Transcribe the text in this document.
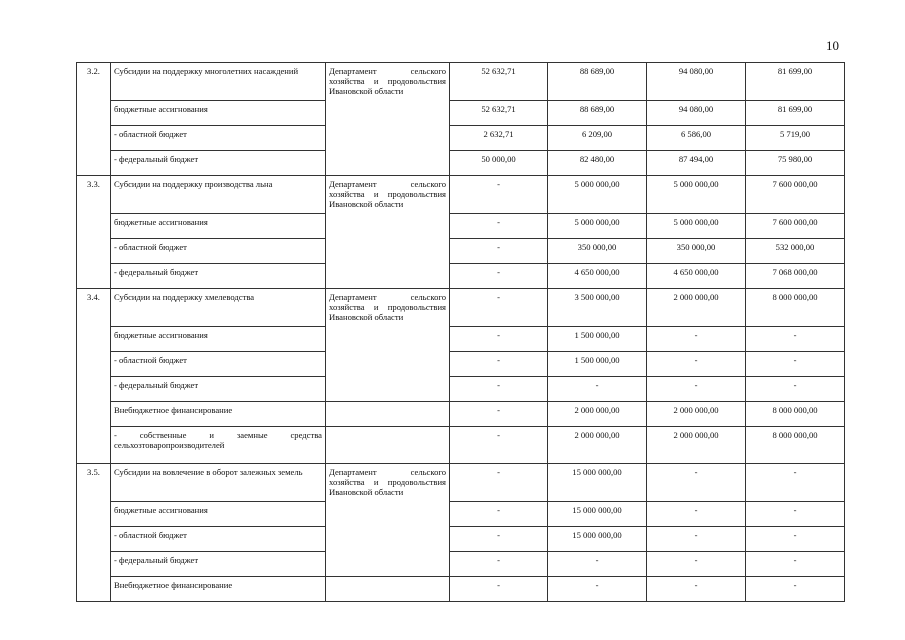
10
3.2.	Субсидии на поддержку многолетних насаждений	Департамент сельского хозяйства и продовольствия Ивановской области	52 632,71	88 689,00	94 080,00	81 699,00
	бюджетные ассигнования		52 632,71	88 689,00	94 080,00	81 699,00
	- областной бюджет		2 632,71	6 209,00	6 586,00	5 719,00
	- федеральный бюджет		50 000,00	82 480,00	87 494,00	75 980,00
3.3.	Субсидии на поддержку производства льна	Департамент сельского хозяйства и продовольствия Ивановской области	-	5 000 000,00	5 000 000,00	7 600 000,00
	бюджетные ассигнования		-	5 000 000,00	5 000 000,00	7 600 000,00
	- областной бюджет		-	350 000,00	350 000,00	532 000,00
	- федеральный бюджет		-	4 650 000,00	4 650 000,00	7 068 000,00
3.4.	Субсидии на поддержку хмелеводства	Департамент сельского хозяйства и продовольствия Ивановской области	-	3 500 000,00	2 000 000,00	8 000 000,00
	бюджетные ассигнования		-	1 500 000,00	-	-
	- областной бюджет		-	1 500 000,00	-	-
	- федеральный бюджет		-	-	-	-
	Внебюджетное финансирование		-	2 000 000,00	2 000 000,00	8 000 000,00
	- собственные и заемные средства сельхозтоваропроизводителей		-	2 000 000,00	2 000 000,00	8 000 000,00
3.5.	Субсидии на вовлечение в оборот залежных земель	Департамент сельского хозяйства и продовольствия Ивановской области	-	15 000 000,00	-	-
	бюджетные ассигнования		-	15 000 000,00	-	-
	- областной бюджет		-	15 000 000,00	-	-
	- федеральный бюджет		-	-	-	-
	Внебюджетное финансирование		-	-	-	-
